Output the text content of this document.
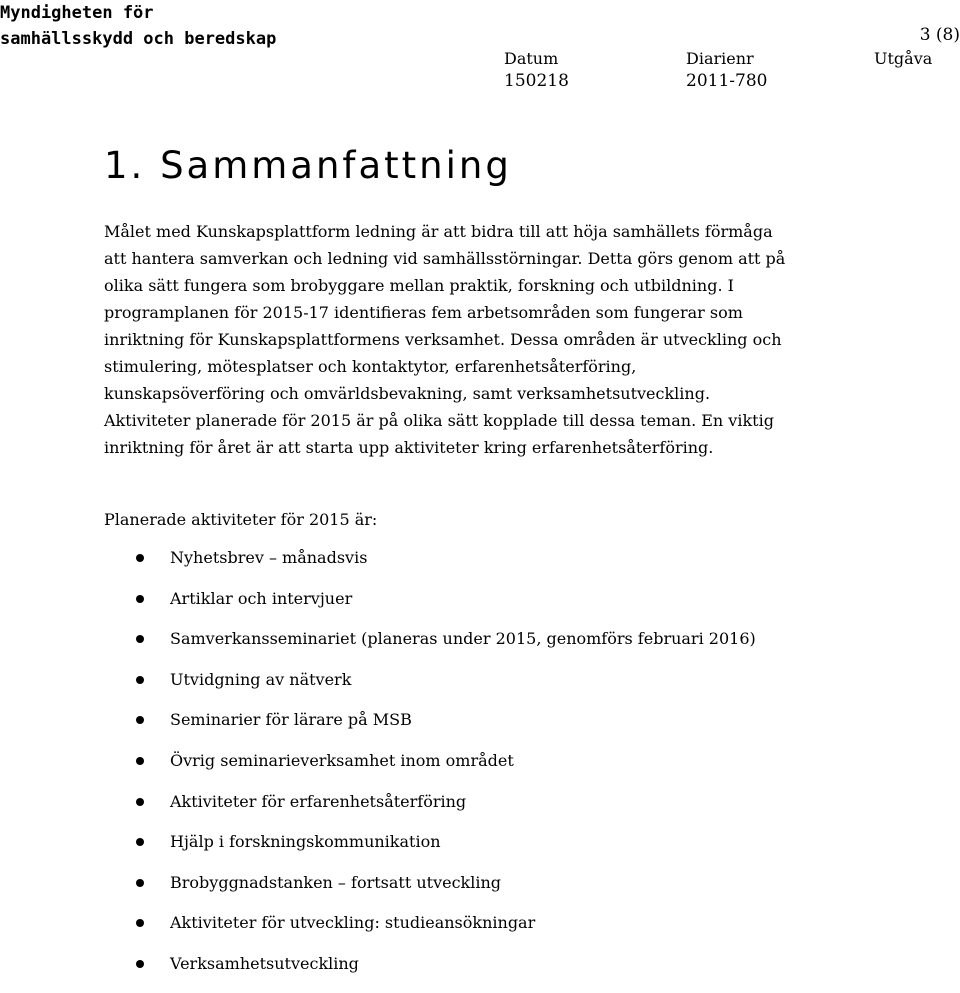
Myndigheten för
samhällsskydd och beredskap	3 (8)
Datum
150218
Diarienr
2011-780
Utgåva
1. Sammanfattning

Målet med Kunskapsplattform ledning är att bidra till att höja samhällets förmåga att hantera samverkan och ledning vid samhällsstörningar. Detta görs genom att på olika sätt fungera som brobyggare mellan praktik, forskning och utbildning. I programplanen för 2015-17 identifieras fem arbetsområden som fungerar som inriktning för Kunskapsplattformens verksamhet. Dessa områden är utveckling och stimulering, mötesplatser och kontaktytor, erfarenhetsåterföring, kunskapsöverföring och omvärldsbevakning, samt verksamhetsutveckling. Aktiviteter planerade för 2015 är på olika sätt kopplade till dessa teman. En viktig inriktning för året är att starta upp aktiviteter kring erfarenhetsåterföring.

Planerade aktiviteter för 2015 är:

Nyhetsbrev – månadsvis
Artiklar och intervjuer
Samverkansseminariet (planeras under 2015, genomförs februari 2016)
Utvidgning av nätverk
Seminarier för lärare på MSB
Övrig seminarieverksamhet inom området
Aktiviteter för erfarenhetsåterföring
Hjälp i forskningskommunikation
Brobyggnadstanken – fortsatt utveckling
Aktiviteter för utveckling: studieansökningar
Verksamhetsutveckling
